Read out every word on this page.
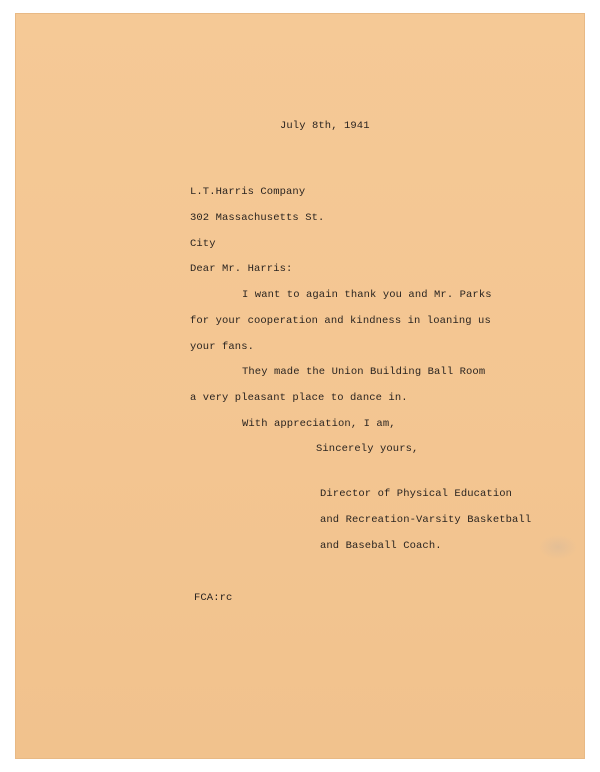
July 8th, 1941
L.T.Harris Company
302 Massachusetts St.
City
Dear Mr. Harris:
I want to again thank you and Mr. Parks
for your cooperation and kindness in loaning us
your fans.
They made the Union Building Ball Room
a very pleasant place to dance in.
With appreciation, I am,
Sincerely yours,
Director of Physical Education
and Recreation-Varsity Basketball
and Baseball Coach.
FCA:rc
